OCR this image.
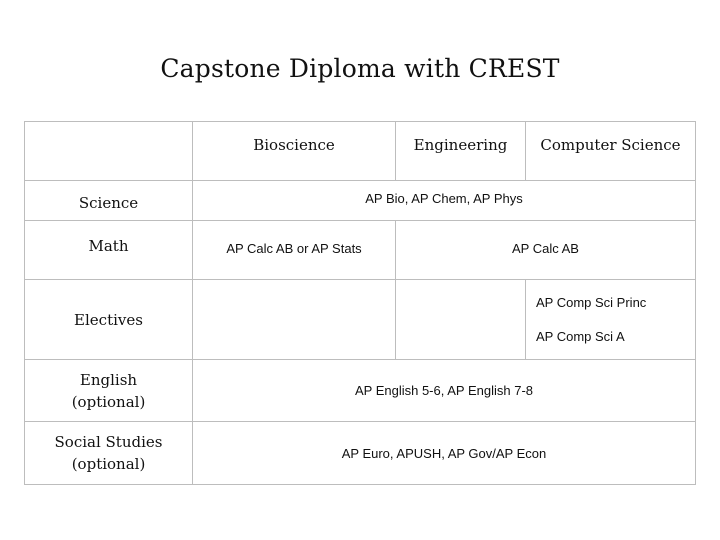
Capstone Diploma with CREST
	Bioscience	Engineering	Computer Science
Science	AP Bio, AP Chem, AP Phys		
Math	AP Calc AB or AP Stats	AP Calc AB	
Electives			AP Comp Sci Princ
AP Comp Sci A

English
(optional)	AP English 5-6, AP English 7-8		

Social Studies
(optional)	AP Euro, APUSH, AP Gov/AP Econ		
